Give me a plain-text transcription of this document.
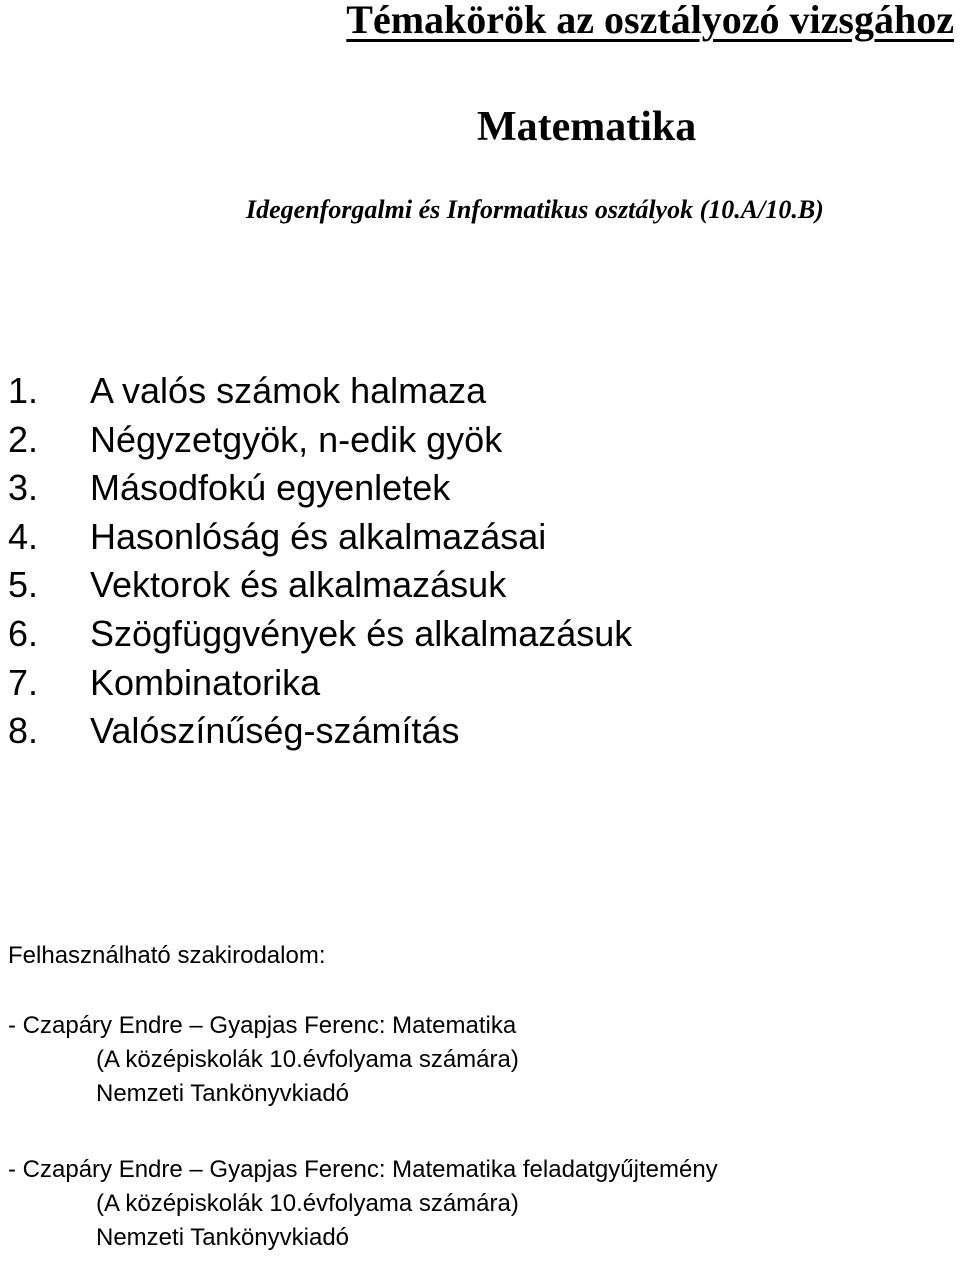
Témakörök az osztályozó vizsgához
Matematika
Idegenforgalmi és Informatikus osztályok (10.A/10.B)
1.	A valós számok halmaza
2.	Négyzetgyök, n-edik gyök
3.	Másodfokú egyenletek
4.	Hasonlóság és alkalmazásai
5.	Vektorok és alkalmazásuk
6.	Szögfüggvények és alkalmazásuk
7.	Kombinatorika
8.	Valószínűség-számítás
Felhasználható szakirodalom:
- Czapáry Endre – Gyapjas Ferenc: Matematika
(A középiskolák 10.évfolyama számára)
Nemzeti Tankönyvkiadó
- Czapáry Endre – Gyapjas Ferenc: Matematika feladatgyűjtemény
(A középiskolák 10.évfolyama számára)
Nemzeti Tankönyvkiadó
